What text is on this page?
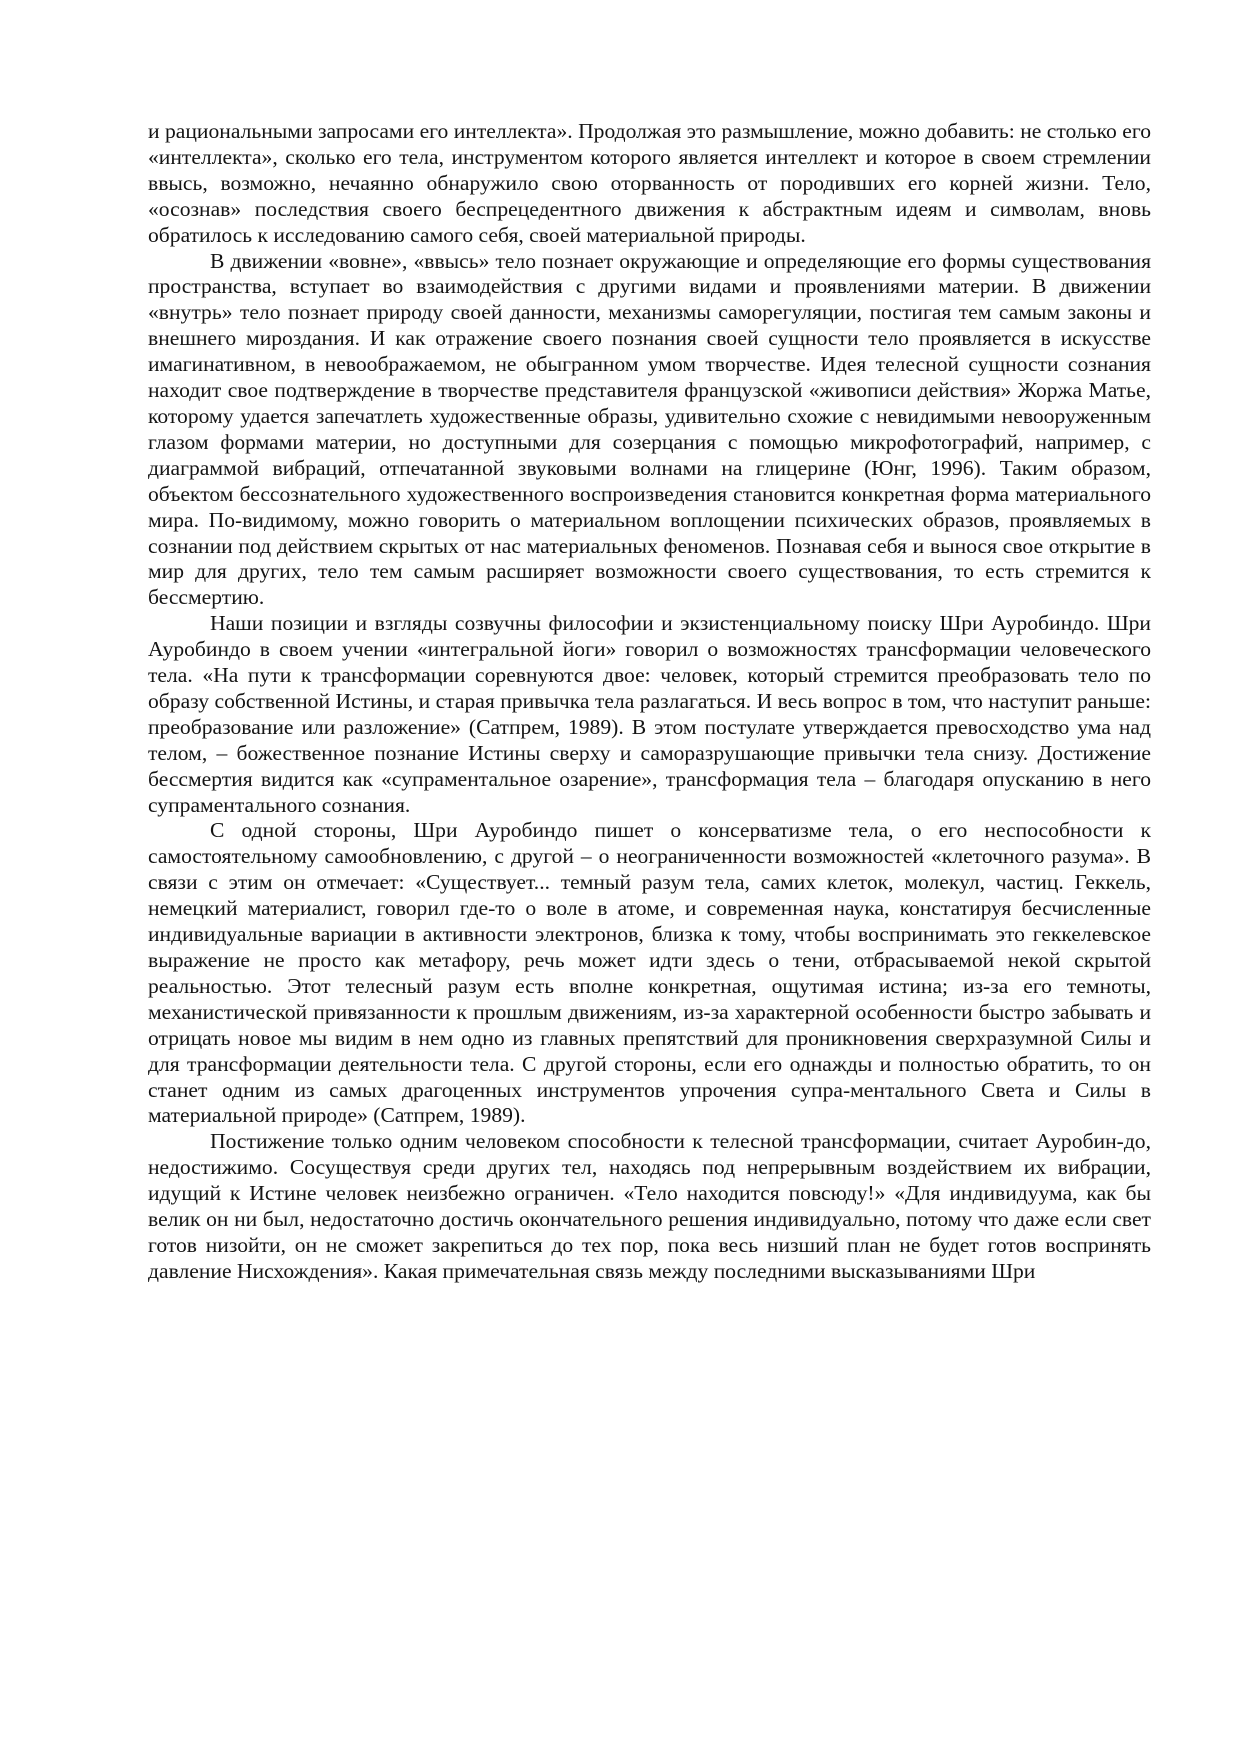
и рациональными запросами его интеллекта». Продолжая это размышление, можно добавить: не столько его «интеллекта», сколько его тела, инструментом которого является интеллект и которое в своем стремлении ввысь, возможно, нечаянно обнаружило свою оторванность от породивших его корней жизни. Тело, «осознав» последствия своего беспрецедентного движения к абстрактным идеям и символам, вновь обратилось к исследованию самого себя, своей материальной природы.

В движении «вовне», «ввысь» тело познает окружающие и определяющие его формы существования пространства, вступает во взаимодействия с другими видами и проявлениями материи. В движении «внутрь» тело познает природу своей данности, механизмы саморегуляции, постигая тем самым законы и внешнего мироздания. И как отражение своего познания своей сущности тело проявляется в искусстве имагинативном, в невоображаемом, не обыгранном умом творчестве. Идея телесной сущности сознания находит свое подтверждение в творчестве представителя французской «живописи действия» Жоржа Матье, которому удается запечатлеть художественные образы, удивительно схожие с невидимыми невооруженным глазом формами материи, но доступными для созерцания с помощью микрофотографий, например, с диаграммой вибраций, отпечатанной звуковыми волнами на глицерине (Юнг, 1996). Таким образом, объектом бессознательного художественного воспроизведения становится конкретная форма материального мира. По-видимому, можно говорить о материальном воплощении психических образов, проявляемых в сознании под действием скрытых от нас материальных феноменов. Познавая себя и вынося свое открытие в мир для других, тело тем самым расширяет возможности своего существования, то есть стремится к бессмертию.

Наши позиции и взгляды созвучны философии и экзистенциальному поиску Шри Ауробиндо. Шри Ауробиндо в своем учении «интегральной йоги» говорил о возможностях трансформации человеческого тела. «На пути к трансформации соревнуются двое: человек, который стремится преобразовать тело по образу собственной Истины, и старая привычка тела разлагаться. И весь вопрос в том, что наступит раньше: преобразование или разложение» (Сатпрем, 1989). В этом постулате утверждается превосходство ума над телом, – божественное познание Истины сверху и саморазрушающие привычки тела снизу. Достижение бессмертия видится как «супраментальное озарение», трансформация тела – благодаря опусканию в него супраментального сознания.

С одной стороны, Шри Ауробиндо пишет о консерватизме тела, о его неспособности к самостоятельному самообновлению, с другой – о неограниченности возможностей «клеточного разума». В связи с этим он отмечает: «Существует... темный разум тела, самих клеток, молекул, частиц. Геккель, немецкий материалист, говорил где-то о воле в атоме, и современная наука, констатируя бесчисленные индивидуальные вариации в активности электронов, близка к тому, чтобы воспринимать это геккелевское выражение не просто как метафору, речь может идти здесь о тени, отбрасываемой некой скрытой реальностью. Этот телесный разум есть вполне конкретная, ощутимая истина; из-за его темноты, механистической привязанности к прошлым движениям, из-за характерной особенности быстро забывать и отрицать новое мы видим в нем одно из главных препятствий для проникновения сверхразумной Силы и для трансформации деятельности тела. С другой стороны, если его однажды и полностью обратить, то он станет одним из самых драгоценных инструментов упрочения супра-ментального Света и Силы в материальной природе» (Сатпрем, 1989).

Постижение только одним человеком способности к телесной трансформации, считает Ауробин-до, недостижимо. Сосуществуя среди других тел, находясь под непрерывным воздействием их вибрации, идущий к Истине человек неизбежно ограничен. «Тело находится повсюду!» «Для индивидуума, как бы велик он ни был, недостаточно достичь окончательного решения индивидуально, потому что даже если свет готов низойти, он не сможет закрепиться до тех пор, пока весь низший план не будет готов воспринять давление Нисхождения». Какая примечательная связь между последними высказываниями Шри
